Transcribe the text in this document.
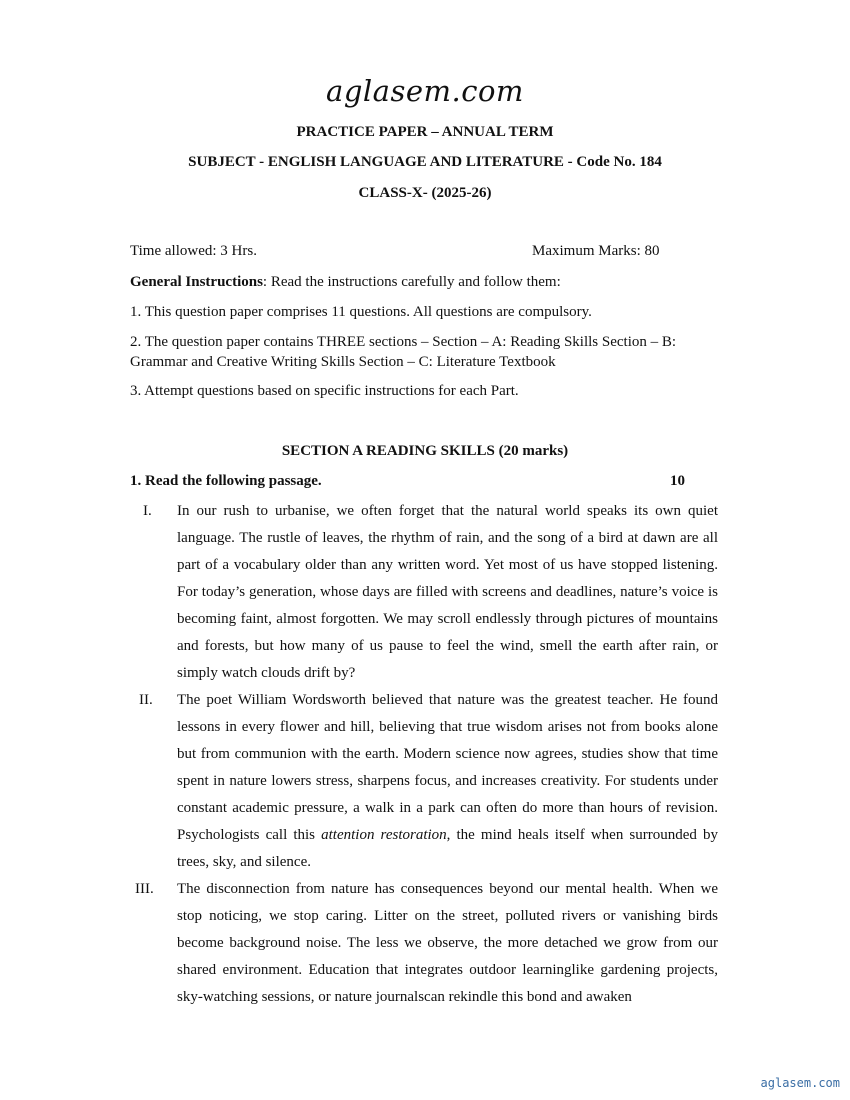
aglasem.com
PRACTICE PAPER – ANNUAL TERM
SUBJECT - ENGLISH LANGUAGE AND LITERATURE - Code No. 184
CLASS-X- (2025-26)
Time allowed: 3 Hrs.	Maximum Marks: 80
General Instructions: Read the instructions carefully and follow them:
1. This question paper comprises 11 questions. All questions are compulsory.
2. The question paper contains THREE sections – Section – A: Reading Skills Section – B:
Grammar and Creative Writing Skills Section – C: Literature Textbook
3. Attempt questions based on specific instructions for each Part.
SECTION A READING SKILLS (20 marks)
1. Read the following passage.	10
I. In our rush to urbanise, we often forget that the natural world speaks its own quiet language. The rustle of leaves, the rhythm of rain, and the song of a bird at dawn are all part of a vocabulary older than any written word. Yet most of us have stopped listening. For today’s generation, whose days are filled with screens and deadlines, nature’s voice is becoming faint, almost forgotten. We may scroll endlessly through pictures of mountains and forests, but how many of us pause to feel the wind, smell the earth after rain, or simply watch clouds drift by?

II. The poet William Wordsworth believed that nature was the greatest teacher. He found lessons in every flower and hill, believing that true wisdom arises not from books alone but from communion with the earth. Modern science now agrees, studies show that time spent in nature lowers stress, sharpens focus, and increases creativity. For students under constant academic pressure, a walk in a park can often do more than hours of revision. Psychologists call this attention restoration, the mind heals itself when surrounded by trees, sky, and silence.

III. The disconnection from nature has consequences beyond our mental health. When we stop noticing, we stop caring. Litter on the street, polluted rivers or vanishing birds become background noise. The less we observe, the more detached we grow from our shared environment. Education that integrates outdoor learninglike gardening projects, sky-watching sessions, or nature journalscan rekindle this bond and awaken

aglasem.com
